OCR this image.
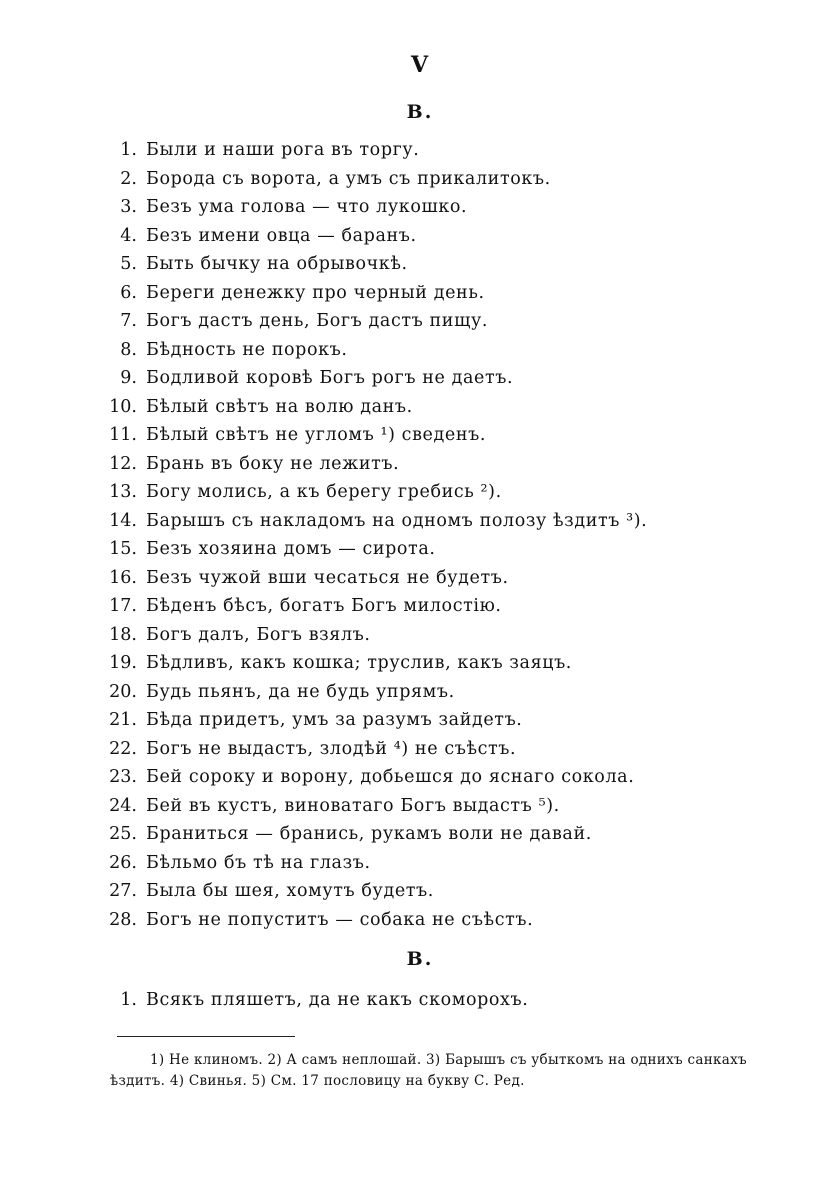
V
В.
1. Были и наши рога въ торгу.
2. Борода съ ворота, а умъ съ прикалитокъ.
3. Безъ ума голова — что лукошко.
4. Безъ имени овца — баранъ.
5. Быть бычку на обрывочкѣ.
6. Береги денежку про черный день.
7. Богъ дастъ день, Богъ дастъ пищу.
8. Бѣдность не порокъ.
9. Бодливой коровѣ Богъ рогъ не даетъ.
10. Бѣлый свѣтъ на волю данъ.
11. Бѣлый свѣтъ не угломъ ¹) сведенъ.
12. Брань въ боку не лежитъ.
13. Богу молись, а къ берегу гребись ²).
14. Барышъ съ накладомъ на одномъ полозу ѣздитъ ³).
15. Безъ хозяина домъ — сирота.
16. Безъ чужой вши чесаться не будетъ.
17. Бѣденъ бѣсъ, богатъ Богъ милостію.
18. Богъ далъ, Богъ взялъ.
19. Бѣдливъ, какъ кошка; труслив, какъ заяцъ.
20. Будь пьянъ, да не будь упрямъ.
21. Бѣда придетъ, умъ за разумъ зайдетъ.
22. Богъ не выдастъ, злодѣй ⁴) не съѣстъ.
23. Бей сороку и ворону, добьешся до яснаго сокола.
24. Бей въ кустъ, виноватаго Богъ выдастъ ⁵).
25. Браниться — бранись, рукамъ воли не давай.
26. Бѣльмо бъ тѣ на глазъ.
27. Была бы шея, хомутъ будетъ.
28. Богъ не попуститъ — собака не съѣстъ.
В.
1. Всякъ пляшетъ, да не какъ скоморохъ.

1) Не клиномъ. 2) А самъ неплошай. 3) Барышъ съ убыткомъ на однихъ санкахъ

ѣздитъ. 4) Свинья. 5) См. 17 пословицу на букву С. Ред.
